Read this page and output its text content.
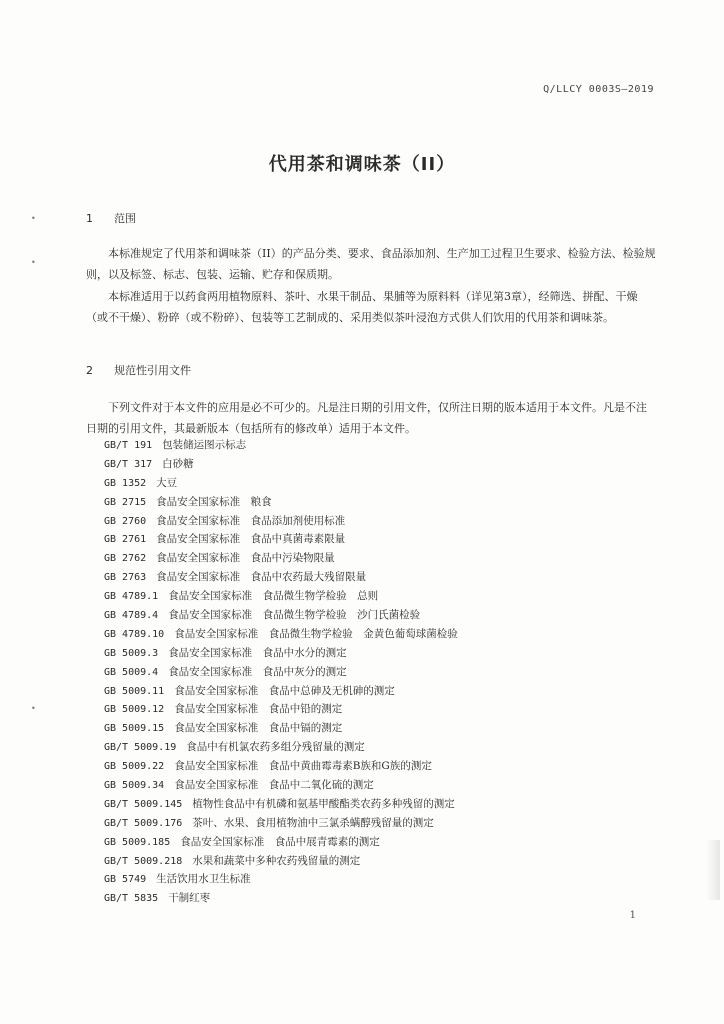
Q/LLCY 0003S—2019
代用茶和调味茶（II）
•
•
•
1 范围
本标准规定了代用茶和调味茶（II）的产品分类、要求、食品添加剂、生产加工过程卫生要求、检验方法、检验规则，以及标签、标志、包装、运输、贮存和保质期。
本标准适用于以药食两用植物原料、茶叶、水果干制品、果脯等为原料料（详见第3章），经筛选、拼配、干燥（或不干燥）、粉碎（或不粉碎）、包装等工艺制成的、采用类似茶叶浸泡方式供人们饮用的代用茶和调味茶。
2 规范性引用文件
下列文件对于本文件的应用是必不可少的。凡是注日期的引用文件，仅所注日期的版本适用于本文件。凡是不注日期的引用文件，其最新版本（包括所有的修改单）适用于本文件。
GB/T 191 包装储运图示标志
GB/T 317 白砂糖
GB 1352 大豆
GB 2715 食品安全国家标准　粮食
GB 2760 食品安全国家标准　食品添加剂使用标准
GB 2761 食品安全国家标准　食品中真菌毒素限量
GB 2762 食品安全国家标准　食品中污染物限量
GB 2763 食品安全国家标准　食品中农药最大残留限量
GB 4789.1 食品安全国家标准　食品微生物学检验　总则
GB 4789.4 食品安全国家标准　食品微生物学检验　沙门氏菌检验
GB 4789.10 食品安全国家标准　食品微生物学检验　金黄色葡萄球菌检验
GB 5009.3 食品安全国家标准　食品中水分的测定
GB 5009.4 食品安全国家标准　食品中灰分的测定
GB 5009.11 食品安全国家标准　食品中总砷及无机砷的测定
GB 5009.12 食品安全国家标准　食品中铅的测定
GB 5009.15 食品安全国家标准　食品中镉的测定
GB/T 5009.19 食品中有机氯农药多组分残留量的测定
GB 5009.22 食品安全国家标准　食品中黄曲霉毒素B族和G族的测定
GB 5009.34 食品安全国家标准　食品中二氧化硫的测定
GB/T 5009.145 植物性食品中有机磷和氨基甲酸酯类农药多种残留的测定
GB/T 5009.176 茶叶、水果、食用植物油中三氯杀螨醇残留量的测定
GB 5009.185 食品安全国家标准　食品中展青霉素的测定
GB/T 5009.218 水果和蔬菜中多种农药残留量的测定
GB 5749 生活饮用水卫生标准
GB/T 5835 干制红枣
1
